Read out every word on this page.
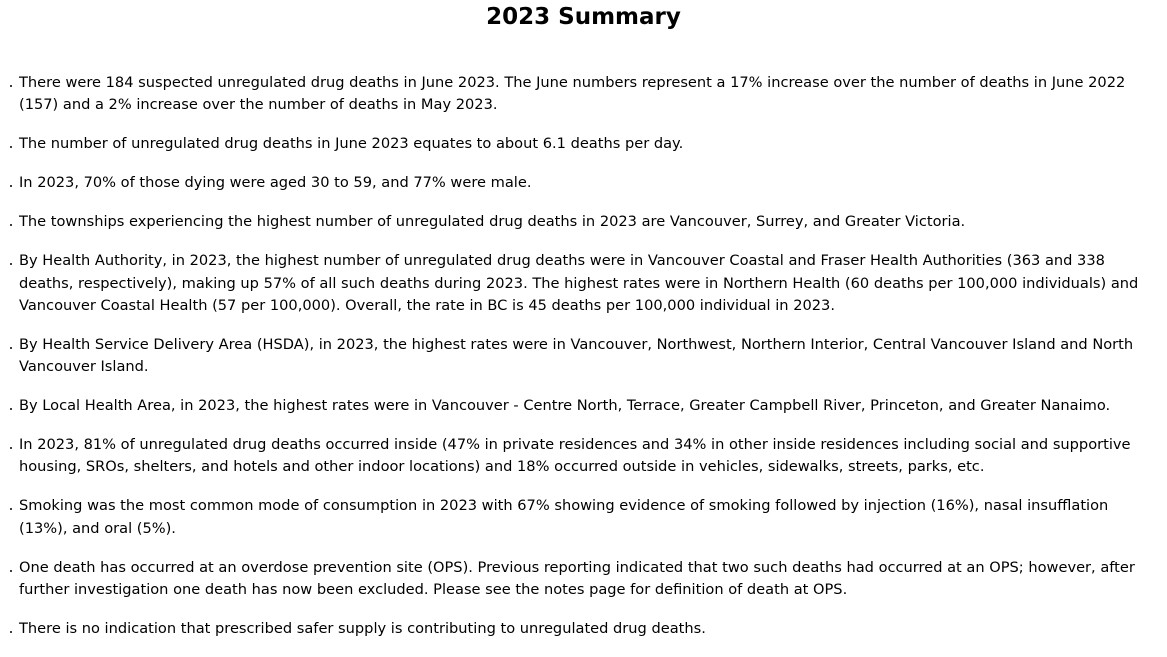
2023 Summary
There were 184 suspected unregulated drug deaths in June 2023. The June numbers represent a 17% increase over the number of deaths in June 2022 (157) and a 2% increase over the number of deaths in May 2023.
The number of unregulated drug deaths in June 2023 equates to about 6.1 deaths per day.
In 2023, 70% of those dying were aged 30 to 59, and 77% were male.
The townships experiencing the highest number of unregulated drug deaths in 2023 are Vancouver, Surrey, and Greater Victoria.
By Health Authority, in 2023, the highest number of unregulated drug deaths were in Vancouver Coastal and Fraser Health Authorities (363 and 338 deaths, respectively), making up 57% of all such deaths during 2023. The highest rates were in Northern Health (60 deaths per 100,000 individuals) and Vancouver Coastal Health (57 per 100,000). Overall, the rate in BC is 45 deaths per 100,000 individual in 2023.
By Health Service Delivery Area (HSDA), in 2023, the highest rates were in Vancouver, Northwest, Northern Interior, Central Vancouver Island and North Vancouver Island.
By Local Health Area, in 2023, the highest rates were in Vancouver - Centre North, Terrace, Greater Campbell River, Princeton, and Greater Nanaimo.
In 2023, 81% of unregulated drug deaths occurred inside (47% in private residences and 34% in other inside residences including social and supportive housing, SROs, shelters, and hotels and other indoor locations) and 18% occurred outside in vehicles, sidewalks, streets, parks, etc.
Smoking was the most common mode of consumption in 2023 with 67% showing evidence of smoking followed by injection (16%), nasal insufflation (13%), and oral (5%).
One death has occurred at an overdose prevention site (OPS). Previous reporting indicated that two such deaths had occurred at an OPS; however, after further investigation one death has now been excluded. Please see the notes page for definition of death at OPS.
There is no indication that prescribed safer supply is contributing to unregulated drug deaths.
